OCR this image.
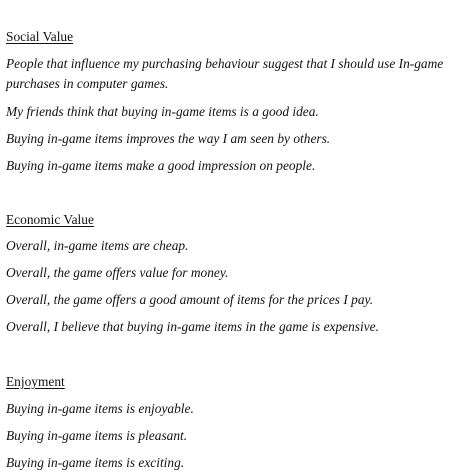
Social Value
People that influence my purchasing behaviour suggest that I should use In-game purchases in computer games.
My friends think that buying in-game items is a good idea.
Buying in-game items improves the way I am seen by others.
Buying in-game items make a good impression on people.
Economic Value
Overall, in-game items are cheap.
Overall, the game offers value for money.
Overall, the game offers a good amount of items for the prices I pay.
Overall, I believe that buying in-game items in the game is expensive.
Enjoyment
Buying in-game items is enjoyable.
Buying in-game items is pleasant.
Buying in-game items is exciting.
